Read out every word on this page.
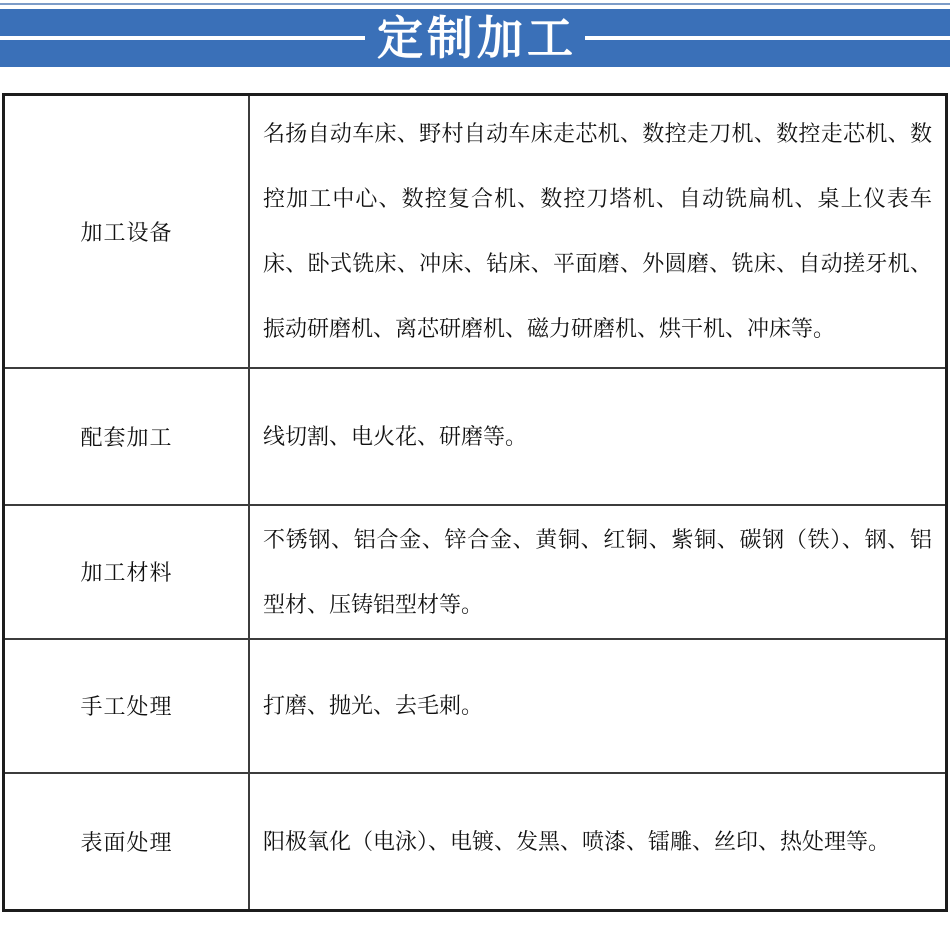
定制加工
加工设备	名扬自动车床、野村自动车床走芯机、数控走刀机、数控走芯机、数控加工中心、数控复合机、数控刀塔机、自动铣扁机、桌上仪表车床、卧式铣床、冲床、钻床、平面磨、外圆磨、铣床、自动搓牙机、振动研磨机、离芯研磨机、磁力研磨机、烘干机、冲床等。
配套加工	线切割、电火花、研磨等。
加工材料	不锈钢、铝合金、锌合金、黄铜、红铜、紫铜、碳钢（铁）、钢、铝型材、压铸铝型材等。
手工处理	打磨、抛光、去毛刺。
表面处理	阳极氧化（电泳）、电镀、发黑、喷漆、镭雕、丝印、热处理等。
